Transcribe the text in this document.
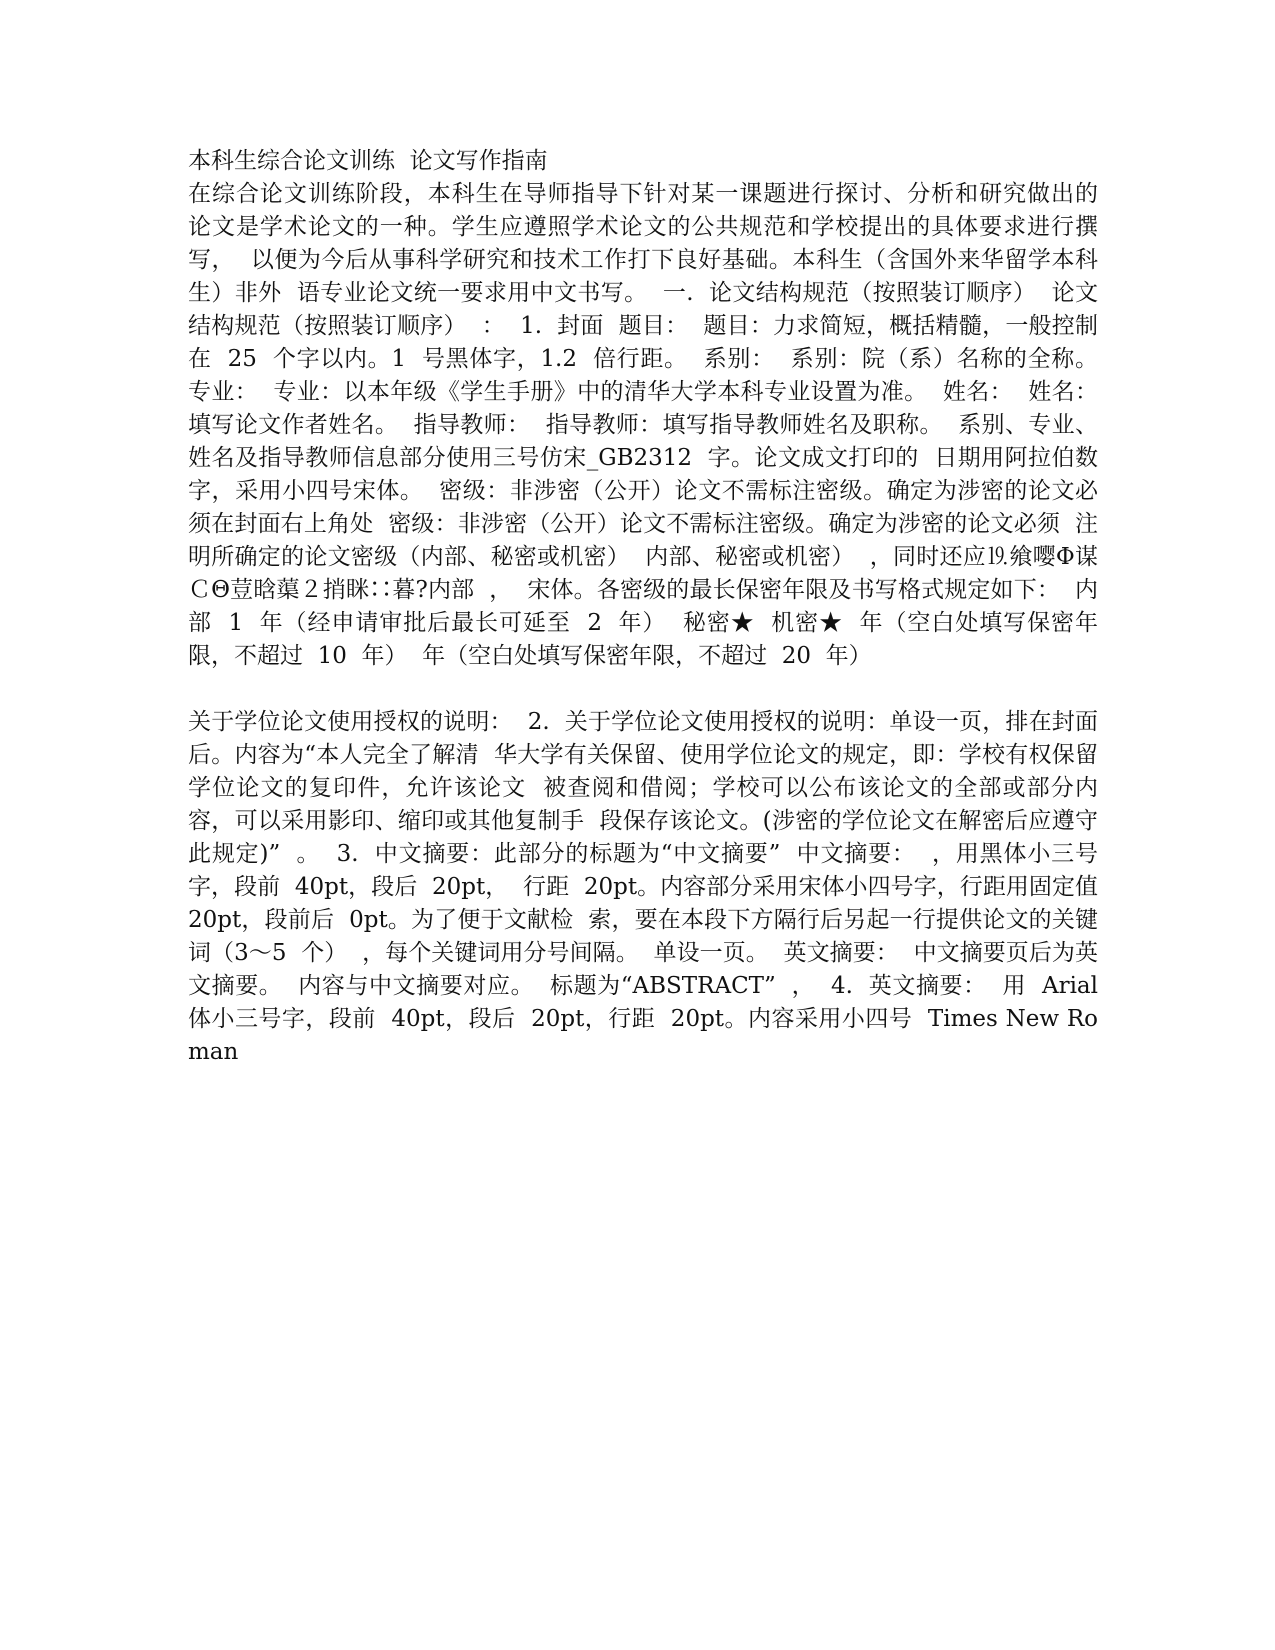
本科生综合论文训练  论文写作指南

在综合论文训练阶段，本科生在导师指导下针对某一课题进行探讨、分析和研究做出的  论文是学术论文的一种。学生应遵照学术论文的公共规范和学校提出的具体要求进行撰写，  以便为今后从事科学研究和技术工作打下良好基础。本科生（含国外来华留学本科生）非外  语专业论文统一要求用中文书写。  一.  论文结构规范（按照装订顺序）  论文结构规范（按照装订顺序）  ：  1.  封面  题目：  题目：力求简短，概括精髓，一般控制在  25  个字以内。1  号黑体字，1.2  倍行距。  系别：  系别：院（系）名称的全称。  专业：  专业：以本年级《学生手册》中的清华大学本科专业设置为准。  姓名：  姓名：填写论文作者姓名。  指导教师：  指导教师：填写指导教师姓名及职称。  系别、专业、姓名及指导教师信息部分使用三号仿宋_GB2312  字。论文成文打印的  日期用阿拉伯数字，采用小四号宋体。  密级：非涉密（公开）论文不需标注密级。确定为涉密的论文必须在封面右上角处  密级：非涉密（公开）论文不需标注密级。确定为涉密的论文必须  注明所确定的论文密级（内部、秘密或机密）  内部、秘密或机密）  ，同时还应⒚飨嘤Φ谋ＣΘ荳晗蕖２捎眯∷暮?内部  ，  宋体。各密级的最长保密年限及书写格式规定如下：  内部  1  年（经申请审批后最长可延至  2  年）  秘密★  机密★  年（空白处填写保密年限，不超过  10  年）  年（空白处填写保密年限，不超过  20  年）

关于学位论文使用授权的说明：  2.  关于学位论文使用授权的说明：单设一页，排在封面后。内容为“本人完全了解清  华大学有关保留、使用学位论文的规定，即：学校有权保留学位论文的复印件，允许该论文  被查阅和借阅；学校可以公布该论文的全部或部分内容，可以采用影印、缩印或其他复制手  段保存该论文。(涉密的学位论文在解密后应遵守此规定)”  。  3.  中文摘要：此部分的标题为“中文摘要”  中文摘要：  ，用黑体小三号字，段前  40pt，段后  20pt，  行距  20pt。内容部分采用宋体小四号字，行距用固定值  20pt，段前后  0pt。为了便于文献检  索，要在本段下方隔行后另起一行提供论文的关键词（3～5  个）  ，每个关键词用分号间隔。  单设一页。  英文摘要：  中文摘要页后为英文摘要。  内容与中文摘要对应。  标题为“ABSTRACT”  ，  4.  英文摘要：  用  Arial  体小三号字，段前  40pt，段后  20pt，行距  20pt。内容采用小四号  Times New Roman
